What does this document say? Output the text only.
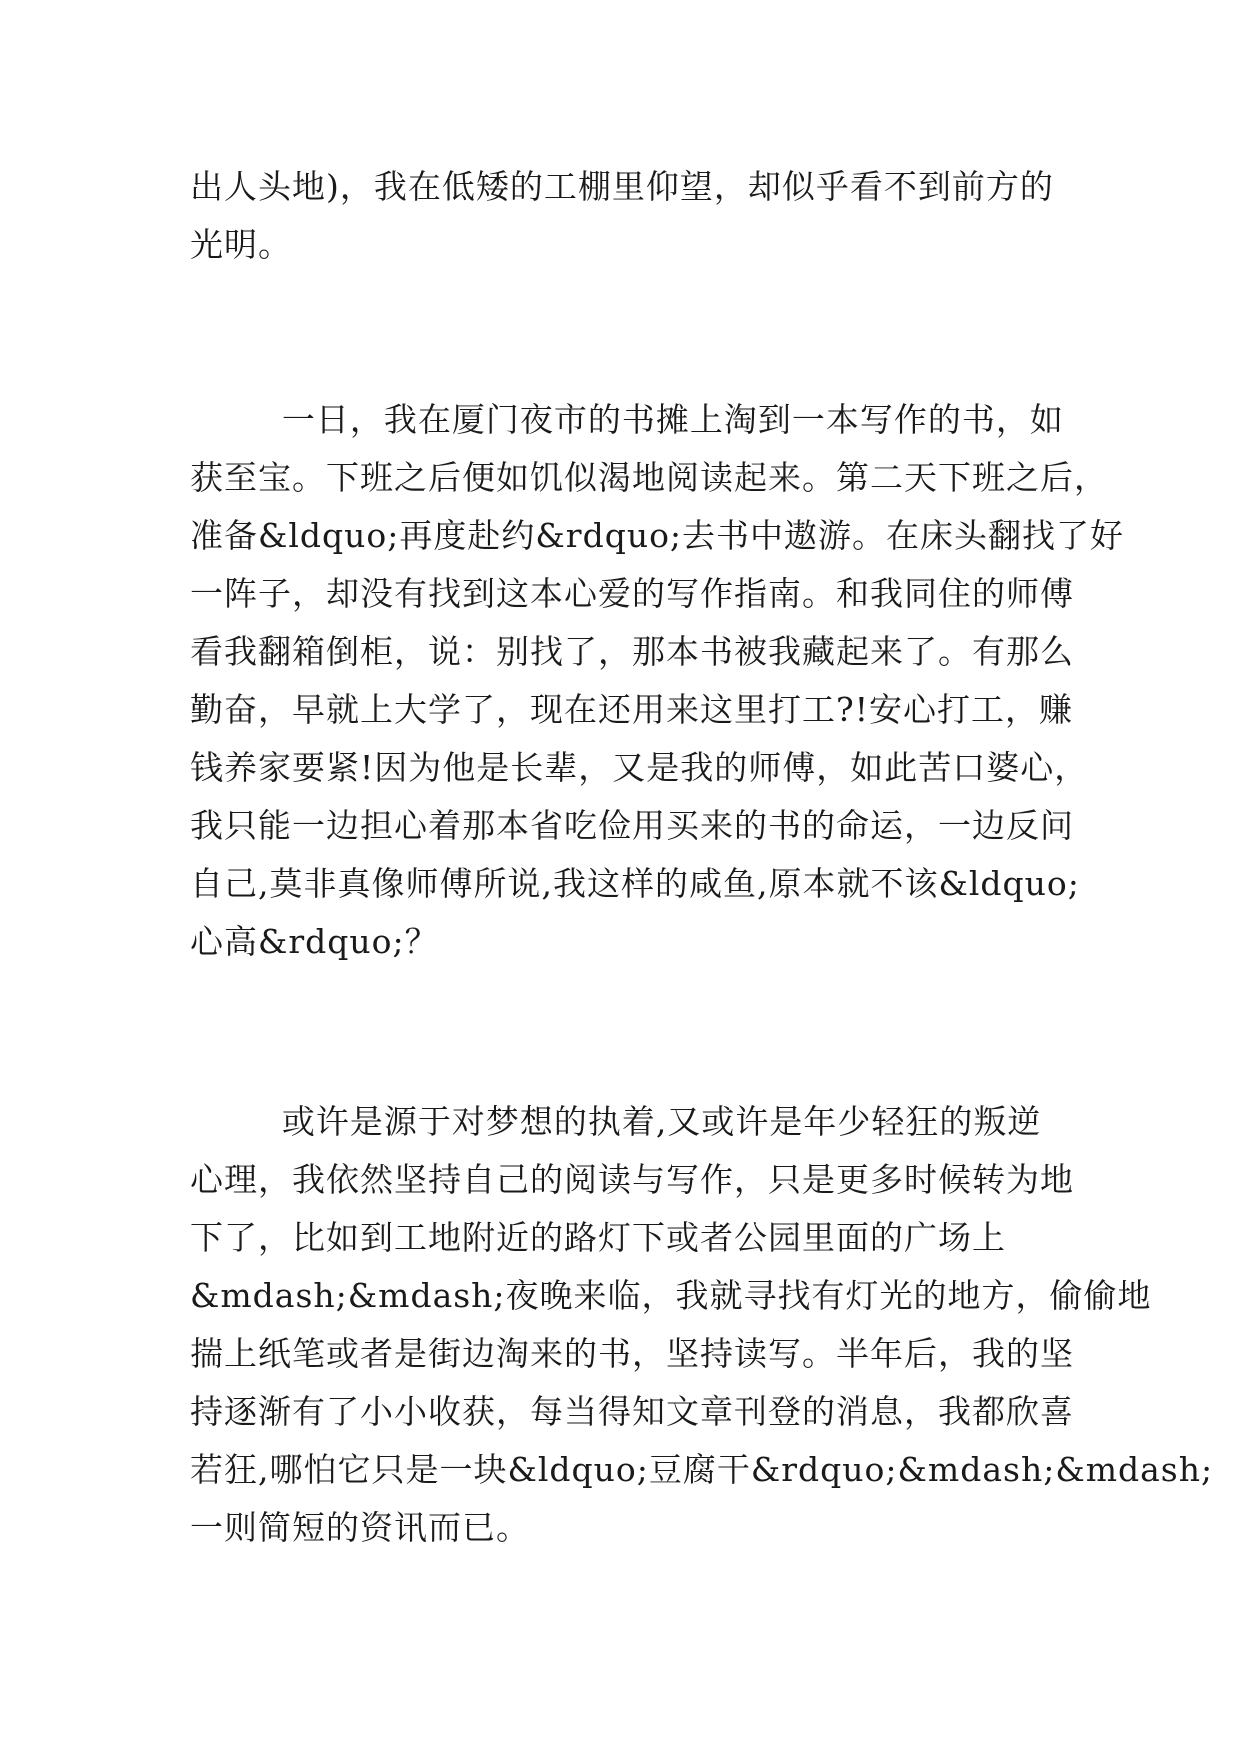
出人头地)，我在低矮的工棚里仰望，却似乎看不到前方的
光明。

一日，我在厦门夜市的书摊上淘到一本写作的书，如
获至宝。下班之后便如饥似渴地阅读起来。第二天下班之后，
准备&ldquo;再度赴约&rdquo;去书中遨游。在床头翻找了好
一阵子，却没有找到这本心爱的写作指南。和我同住的师傅
看我翻箱倒柜，说：别找了，那本书被我藏起来了。有那么
勤奋，早就上大学了，现在还用来这里打工?!安心打工，赚
钱养家要紧!因为他是长辈，又是我的师傅，如此苦口婆心，
我只能一边担心着那本省吃俭用买来的书的命运，一边反问
自己,莫非真像师傅所说,我这样的咸鱼,原本就不该&ldquo;
心高&rdquo;？

或许是源于对梦想的执着,又或许是年少轻狂的叛逆
心理，我依然坚持自己的阅读与写作，只是更多时候转为地
下了，比如到工地附近的路灯下或者公园里面的广场上
&mdash;&mdash;夜晚来临，我就寻找有灯光的地方，偷偷地
揣上纸笔或者是街边淘来的书，坚持读写。半年后，我的坚
持逐渐有了小小收获，每当得知文章刊登的消息，我都欣喜
若狂,哪怕它只是一块&ldquo;豆腐干&rdquo;&mdash;&mdash;
一则简短的资讯而已。
